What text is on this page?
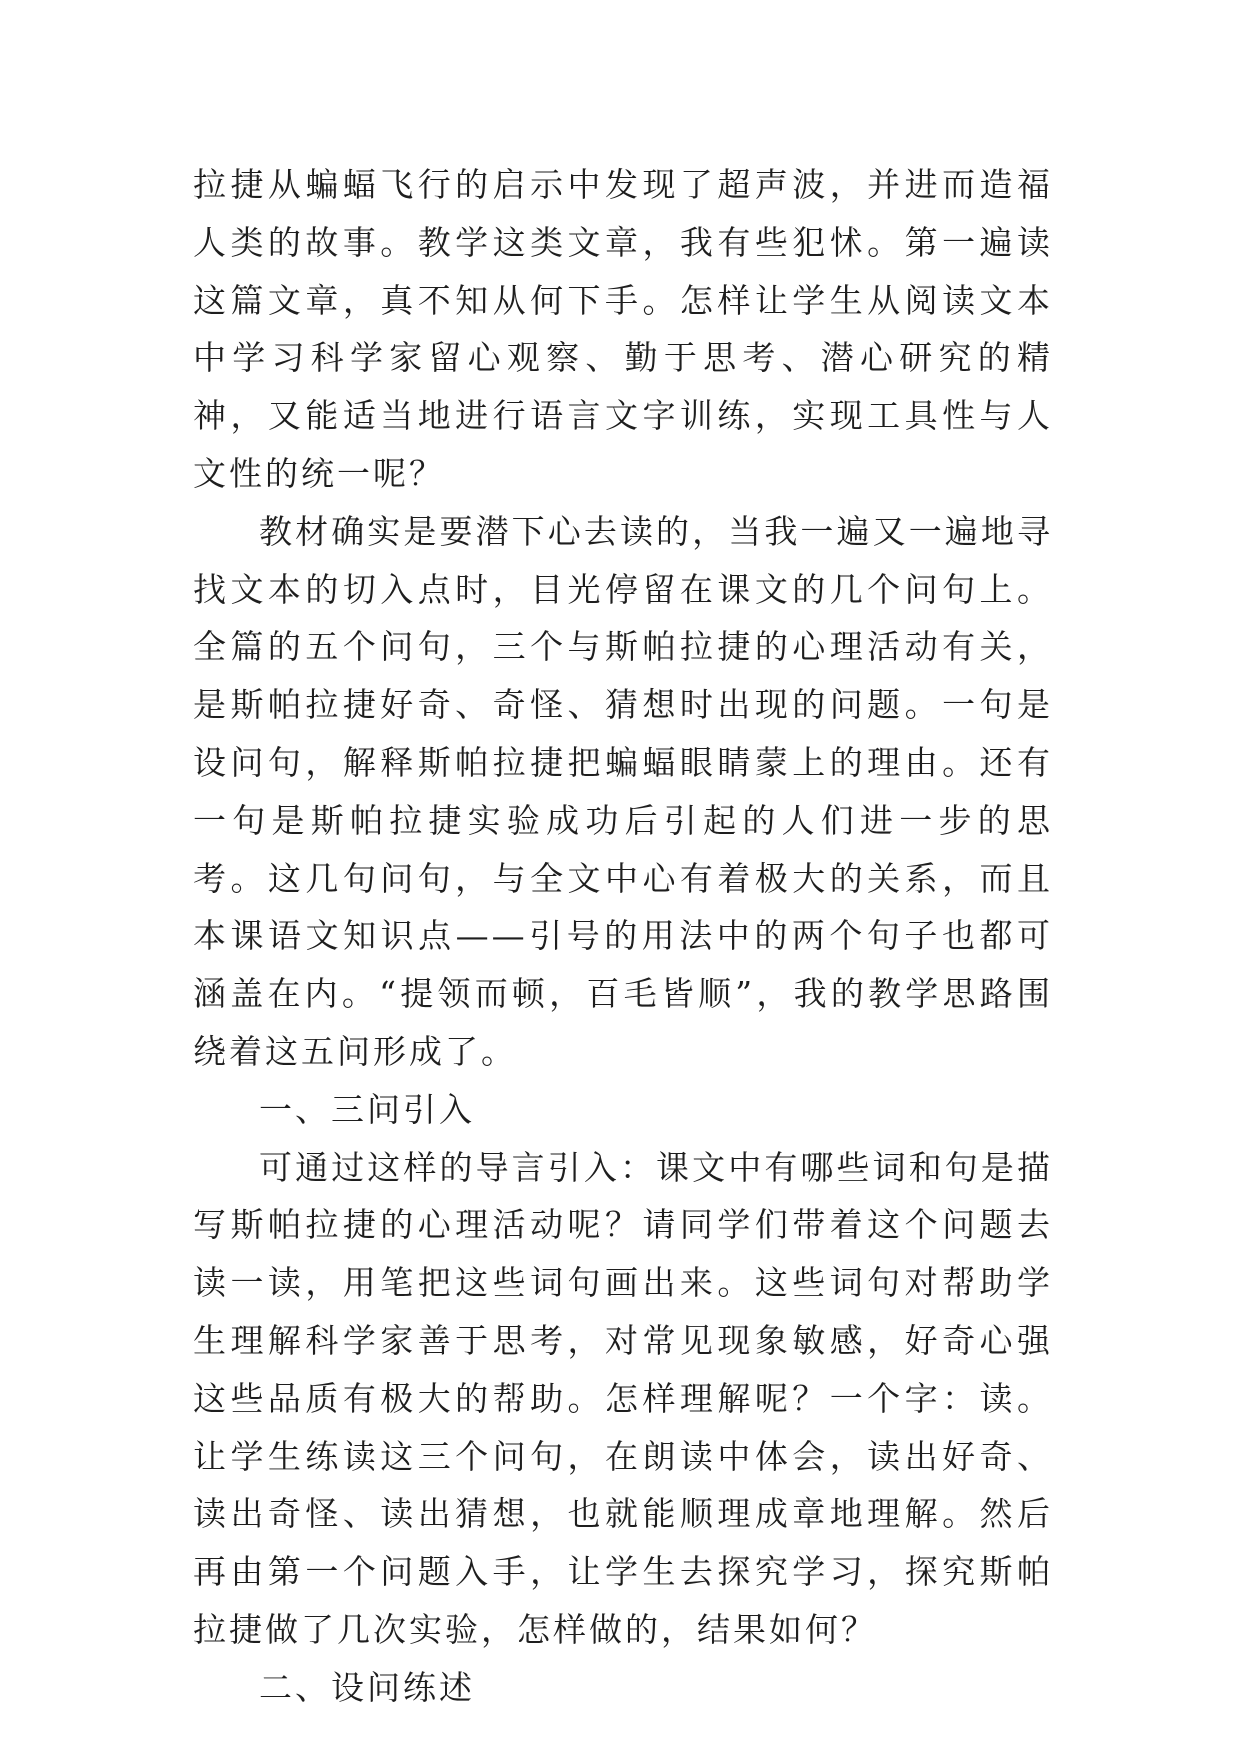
拉捷从蝙蝠飞行的启示中发现了超声波，并进而造福人类的故事。教学这类文章，我有些犯怵。第一遍读这篇文章，真不知从何下手。怎样让学生从阅读文本中学习科学家留心观察、勤于思考、潜心研究的精神，又能适当地进行语言文字训练，实现工具性与人文性的统一呢？

教材确实是要潜下心去读的，当我一遍又一遍地寻找文本的切入点时，目光停留在课文的几个问句上。全篇的五个问句，三个与斯帕拉捷的心理活动有关，是斯帕拉捷好奇、奇怪、猜想时出现的问题。一句是设问句，解释斯帕拉捷把蝙蝠眼睛蒙上的理由。还有一句是斯帕拉捷实验成功后引起的人们进一步的思考。这几句问句，与全文中心有着极大的关系，而且本课语文知识点——引号的用法中的两个句子也都可涵盖在内。“提领而顿，百毛皆顺”，我的教学思路围绕着这五问形成了。

一、三问引入

可通过这样的导言引入：课文中有哪些词和句是描写斯帕拉捷的心理活动呢？请同学们带着这个问题去读一读，用笔把这些词句画出来。这些词句对帮助学生理解科学家善于思考，对常见现象敏感，好奇心强这些品质有极大的帮助。怎样理解呢？一个字：读。让学生练读这三个问句，在朗读中体会，读出好奇、读出奇怪、读出猜想，也就能顺理成章地理解。然后再由第一个问题入手，让学生去探究学习，探究斯帕拉捷做了几次实验，怎样做的，结果如何？

二、设问练述
